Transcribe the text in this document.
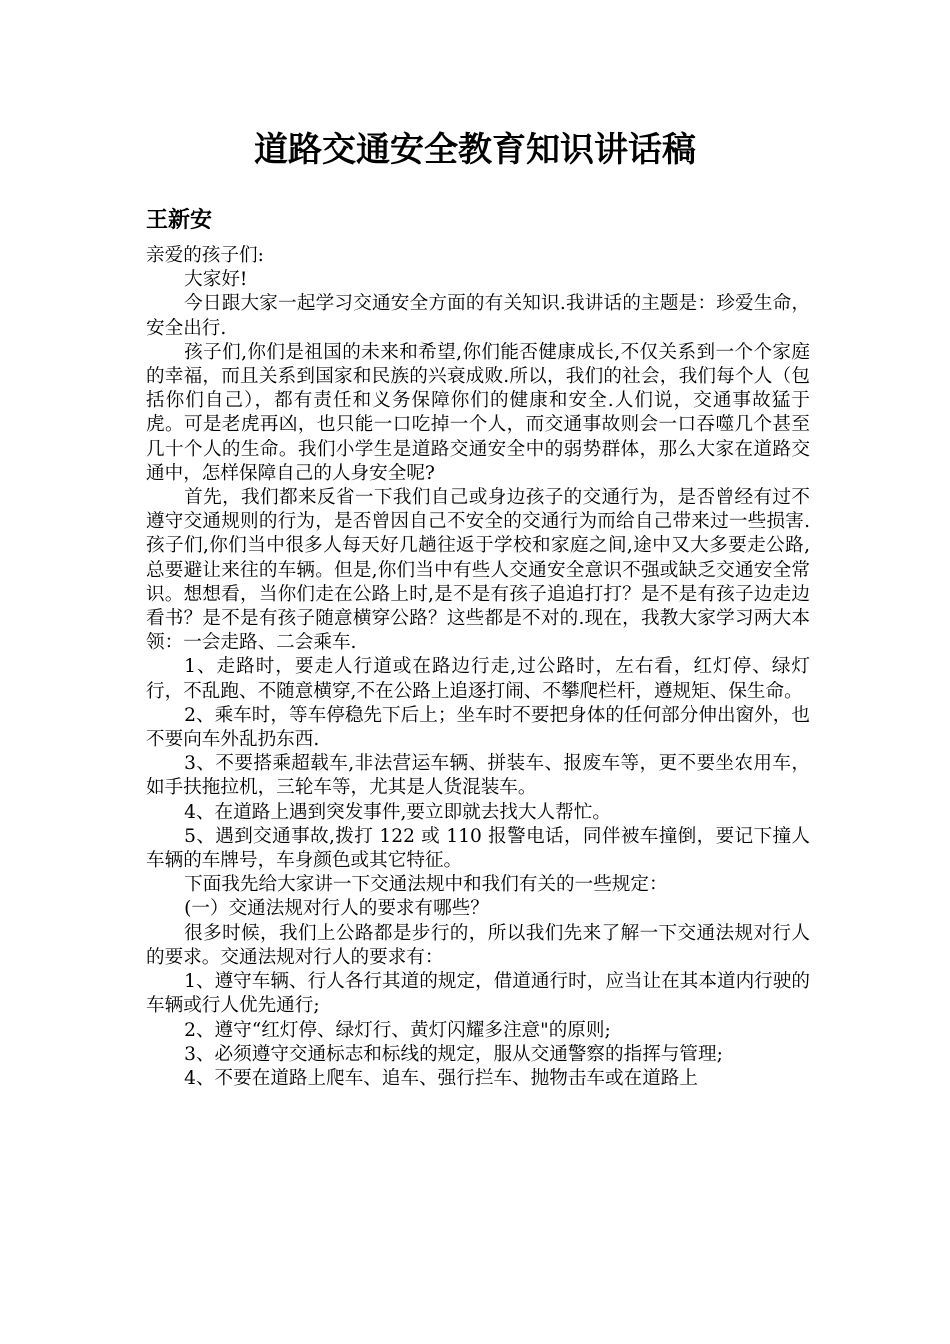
道路交通安全教育知识讲话稿
王新安

亲爱的孩子们:

大家好!

今日跟大家一起学习交通安全方面的有关知识.我讲话的主题是：珍爱生命，安全出行.

孩子们,你们是祖国的未来和希望,你们能否健康成长,不仅关系到一个个家庭的幸福，而且关系到国家和民族的兴衰成败.所以，我们的社会，我们每个人（包括你们自己），都有责任和义务保障你们的健康和安全.人们说，交通事故猛于虎。可是老虎再凶，也只能一口吃掉一个人，而交通事故则会一口吞噬几个甚至几十个人的生命。我们小学生是道路交通安全中的弱势群体，那么大家在道路交通中，怎样保障自己的人身安全呢?

首先，我们都来反省一下我们自己或身边孩子的交通行为，是否曾经有过不遵守交通规则的行为，是否曾因自己不安全的交通行为而给自己带来过一些损害.孩子们,你们当中很多人每天好几趟往返于学校和家庭之间,途中又大多要走公路,总要避让来往的车辆。但是,你们当中有些人交通安全意识不强或缺乏交通安全常识。想想看，当你们走在公路上时,是不是有孩子追追打打？是不是有孩子边走边看书？是不是有孩子随意横穿公路？这些都是不对的.现在，我教大家学习两大本领：一会走路、二会乘车.

1、走路时，要走人行道或在路边行走,过公路时，左右看，红灯停、绿灯行，不乱跑、不随意横穿,不在公路上追逐打闹、不攀爬栏杆，遵规矩、保生命。

2、乘车时，等车停稳先下后上；坐车时不要把身体的任何部分伸出窗外，也不要向车外乱扔东西.

3、不要搭乘超载车,非法营运车辆、拼装车、报废车等，更不要坐农用车，如手扶拖拉机，三轮车等，尤其是人货混装车。

4、在道路上遇到突发事件,要立即就去找大人帮忙。

5、遇到交通事故,拨打 122 或 110 报警电话，同伴被车撞倒，要记下撞人车辆的车牌号，车身颜色或其它特征。

下面我先给大家讲一下交通法规中和我们有关的一些规定：

(一）交通法规对行人的要求有哪些？

很多时候，我们上公路都是步行的，所以我们先来了解一下交通法规对行人的要求。交通法规对行人的要求有：

1、遵守车辆、行人各行其道的规定，借道通行时，应当让在其本道内行驶的车辆或行人优先通行;

2、遵守“红灯停、绿灯行、黄灯闪耀多注意"的原则;

3、必须遵守交通标志和标线的规定，服从交通警察的指挥与管理;

4、不要在道路上爬车、追车、强行拦车、抛物击车或在道路上
